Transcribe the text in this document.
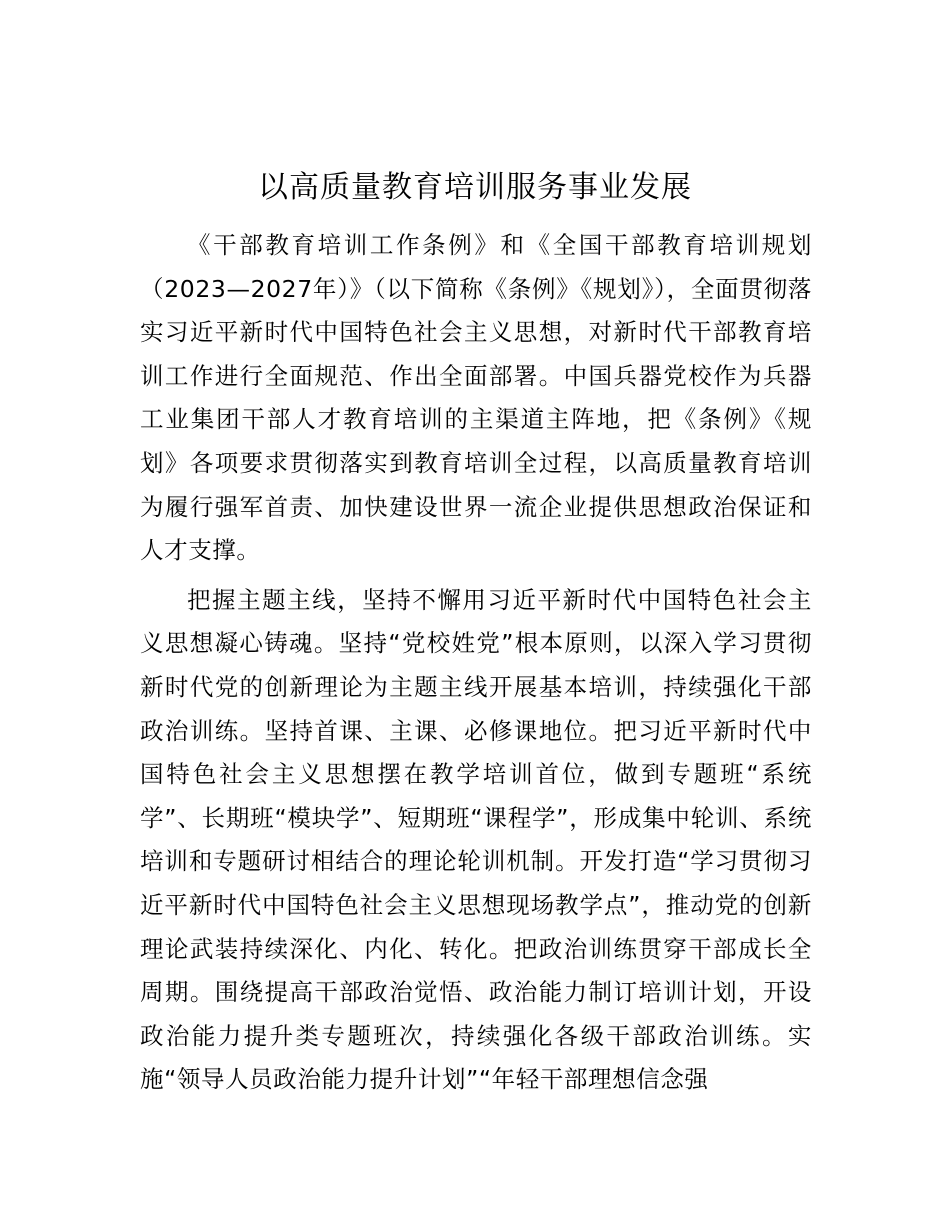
以高质量教育培训服务事业发展

《干部教育培训工作条例》和《全国干部教育培训规划（2023—2027年）》（以下简称《条例》《规划》），全面贯彻落实习近平新时代中国特色社会主义思想，对新时代干部教育培训工作进行全面规范、作出全面部署。中国兵器党校作为兵器工业集团干部人才教育培训的主渠道主阵地，把《条例》《规划》各项要求贯彻落实到教育培训全过程，以高质量教育培训为履行强军首责、加快建设世界一流企业提供思想政治保证和人才支撑。

把握主题主线，坚持不懈用习近平新时代中国特色社会主义思想凝心铸魂。坚持“党校姓党”根本原则，以深入学习贯彻新时代党的创新理论为主题主线开展基本培训，持续强化干部政治训练。坚持首课、主课、必修课地位。把习近平新时代中国特色社会主义思想摆在教学培训首位，做到专题班“系统学”、长期班“模块学”、短期班“课程学”，形成集中轮训、系统培训和专题研讨相结合的理论轮训机制。开发打造“学习贯彻习近平新时代中国特色社会主义思想现场教学点”，推动党的创新理论武装持续深化、内化、转化。把政治训练贯穿干部成长全周期。围绕提高干部政治觉悟、政治能力制订培训计划，开设政治能力提升类专题班次，持续强化各级干部政治训练。实施“领导人员政治能力提升计划”“年轻干部理想信念强
